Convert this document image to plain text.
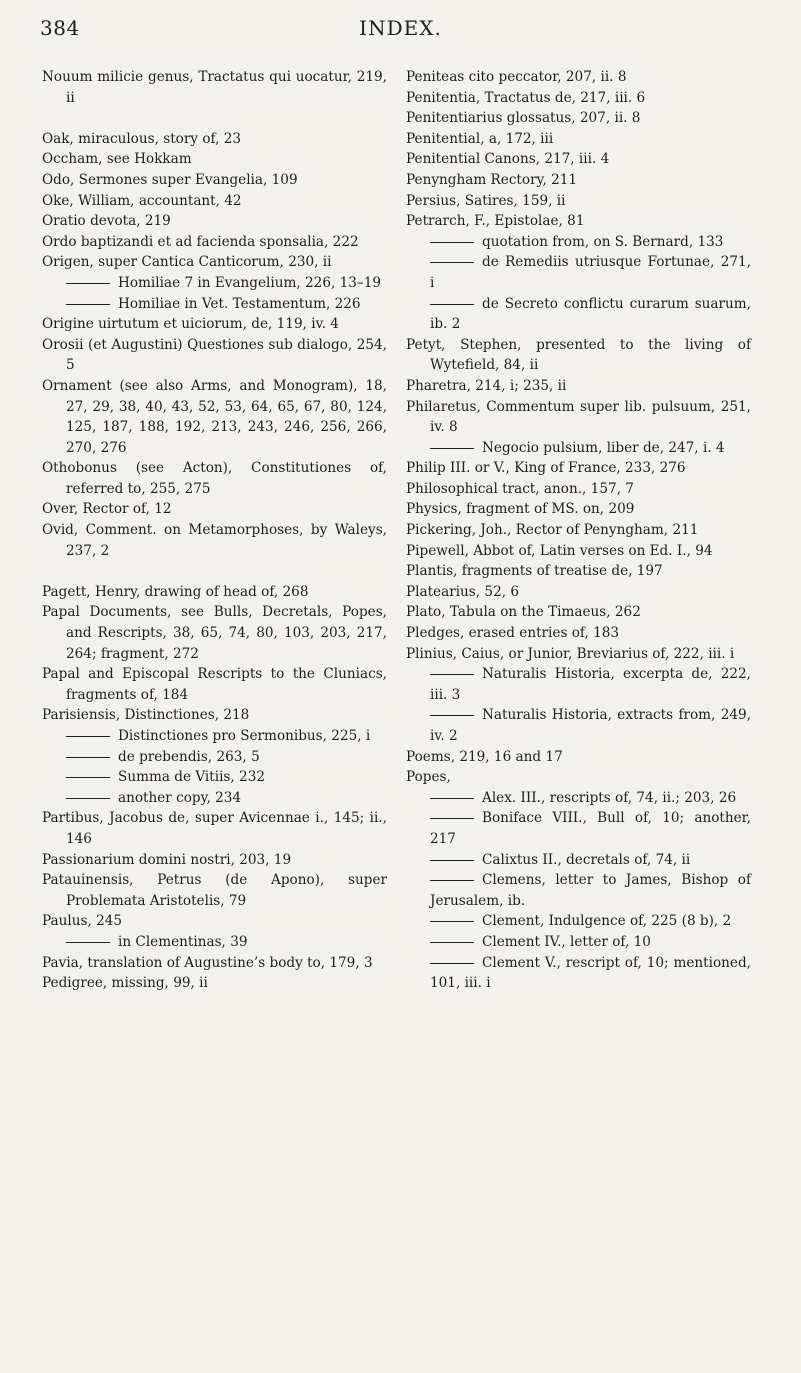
384	INDEX.
Nouum milicie genus, Tractatus qui uocatur, 219, ii
Oak, miraculous, story of, 23
Occham, see Hokkam
Odo, Sermones super Evangelia, 109
Oke, William, accountant, 42
Oratio devota, 219
Ordo baptizandi et ad facienda sponsalia, 222
Origen, super Cantica Canticorum, 230, ii
Homiliae 7 in Evangelium, 226, 13–19
Homiliae in Vet. Testamentum, 226
Origine uirtutum et uiciorum, de, 119, iv. 4
Orosii (et Augustini) Questiones sub dialogo, 254, 5
Ornament (see also Arms, and Monogram), 18, 27, 29, 38, 40, 43, 52, 53, 64, 65, 67, 80, 124, 125, 187, 188, 192, 213, 243, 246, 256, 266, 270, 276
Othobonus (see Acton), Constitutiones of, referred to, 255, 275
Over, Rector of, 12
Ovid, Comment. on Metamorphoses, by Waleys, 237, 2
Pagett, Henry, drawing of head of, 268
Papal Documents, see Bulls, Decretals, Popes, and Rescripts, 38, 65, 74, 80, 103, 203, 217, 264; fragment, 272
Papal and Episcopal Rescripts to the Cluniacs, fragments of, 184
Parisiensis, Distinctiones, 218
Distinctiones pro Sermonibus, 225, i
de prebendis, 263, 5
Summa de Vitiis, 232
another copy, 234
Partibus, Jacobus de, super Avicennae i., 145; ii., 146
Passionarium domini nostri, 203, 19
Patauinensis, Petrus (de Apono), super Problemata Aristotelis, 79
Paulus, 245
in Clementinas, 39
Pavia, translation of Augustine’s body to, 179, 3
Pedigree, missing, 99, ii
Peniteas cito peccator, 207, ii. 8
Penitentia, Tractatus de, 217, iii. 6
Penitentiarius glossatus, 207, ii. 8
Penitential, a, 172, iii
Penitential Canons, 217, iii. 4
Penyngham Rectory, 211
Persius, Satires, 159, ii
Petrarch, F., Epistolae, 81
quotation from, on S. Bernard, 133
de Remediis utriusque Fortunae, 271, i
de Secreto conflictu curarum suarum, ib. 2
Petyt, Stephen, presented to the living of Wytefield, 84, ii
Pharetra, 214, i; 235, ii
Philaretus, Commentum super lib. pulsuum, 251, iv. 8
Negocio pulsium, liber de, 247, i. 4
Philip III. or V., King of France, 233, 276
Philosophical tract, anon., 157, 7
Physics, fragment of MS. on, 209
Pickering, Joh., Rector of Penyngham, 211
Pipewell, Abbot of, Latin verses on Ed. I., 94
Plantis, fragments of treatise de, 197
Platearius, 52, 6
Plato, Tabula on the Timaeus, 262
Pledges, erased entries of, 183
Plinius, Caius, or Junior, Breviarius of, 222, iii. i
Naturalis Historia, excerpta de, 222, iii. 3
Naturalis Historia, extracts from, 249, iv. 2
Poems, 219, 16 and 17
Popes,
Alex. III., rescripts of, 74, ii.; 203, 26
Boniface VIII., Bull of, 10; another, 217
Calixtus II., decretals of, 74, ii
Clemens, letter to James, Bishop of Jerusalem, ib.
Clement, Indulgence of, 225 (8 b), 2
Clement IV., letter of, 10
Clement V., rescript of, 10; mentioned, 101, iii. i
